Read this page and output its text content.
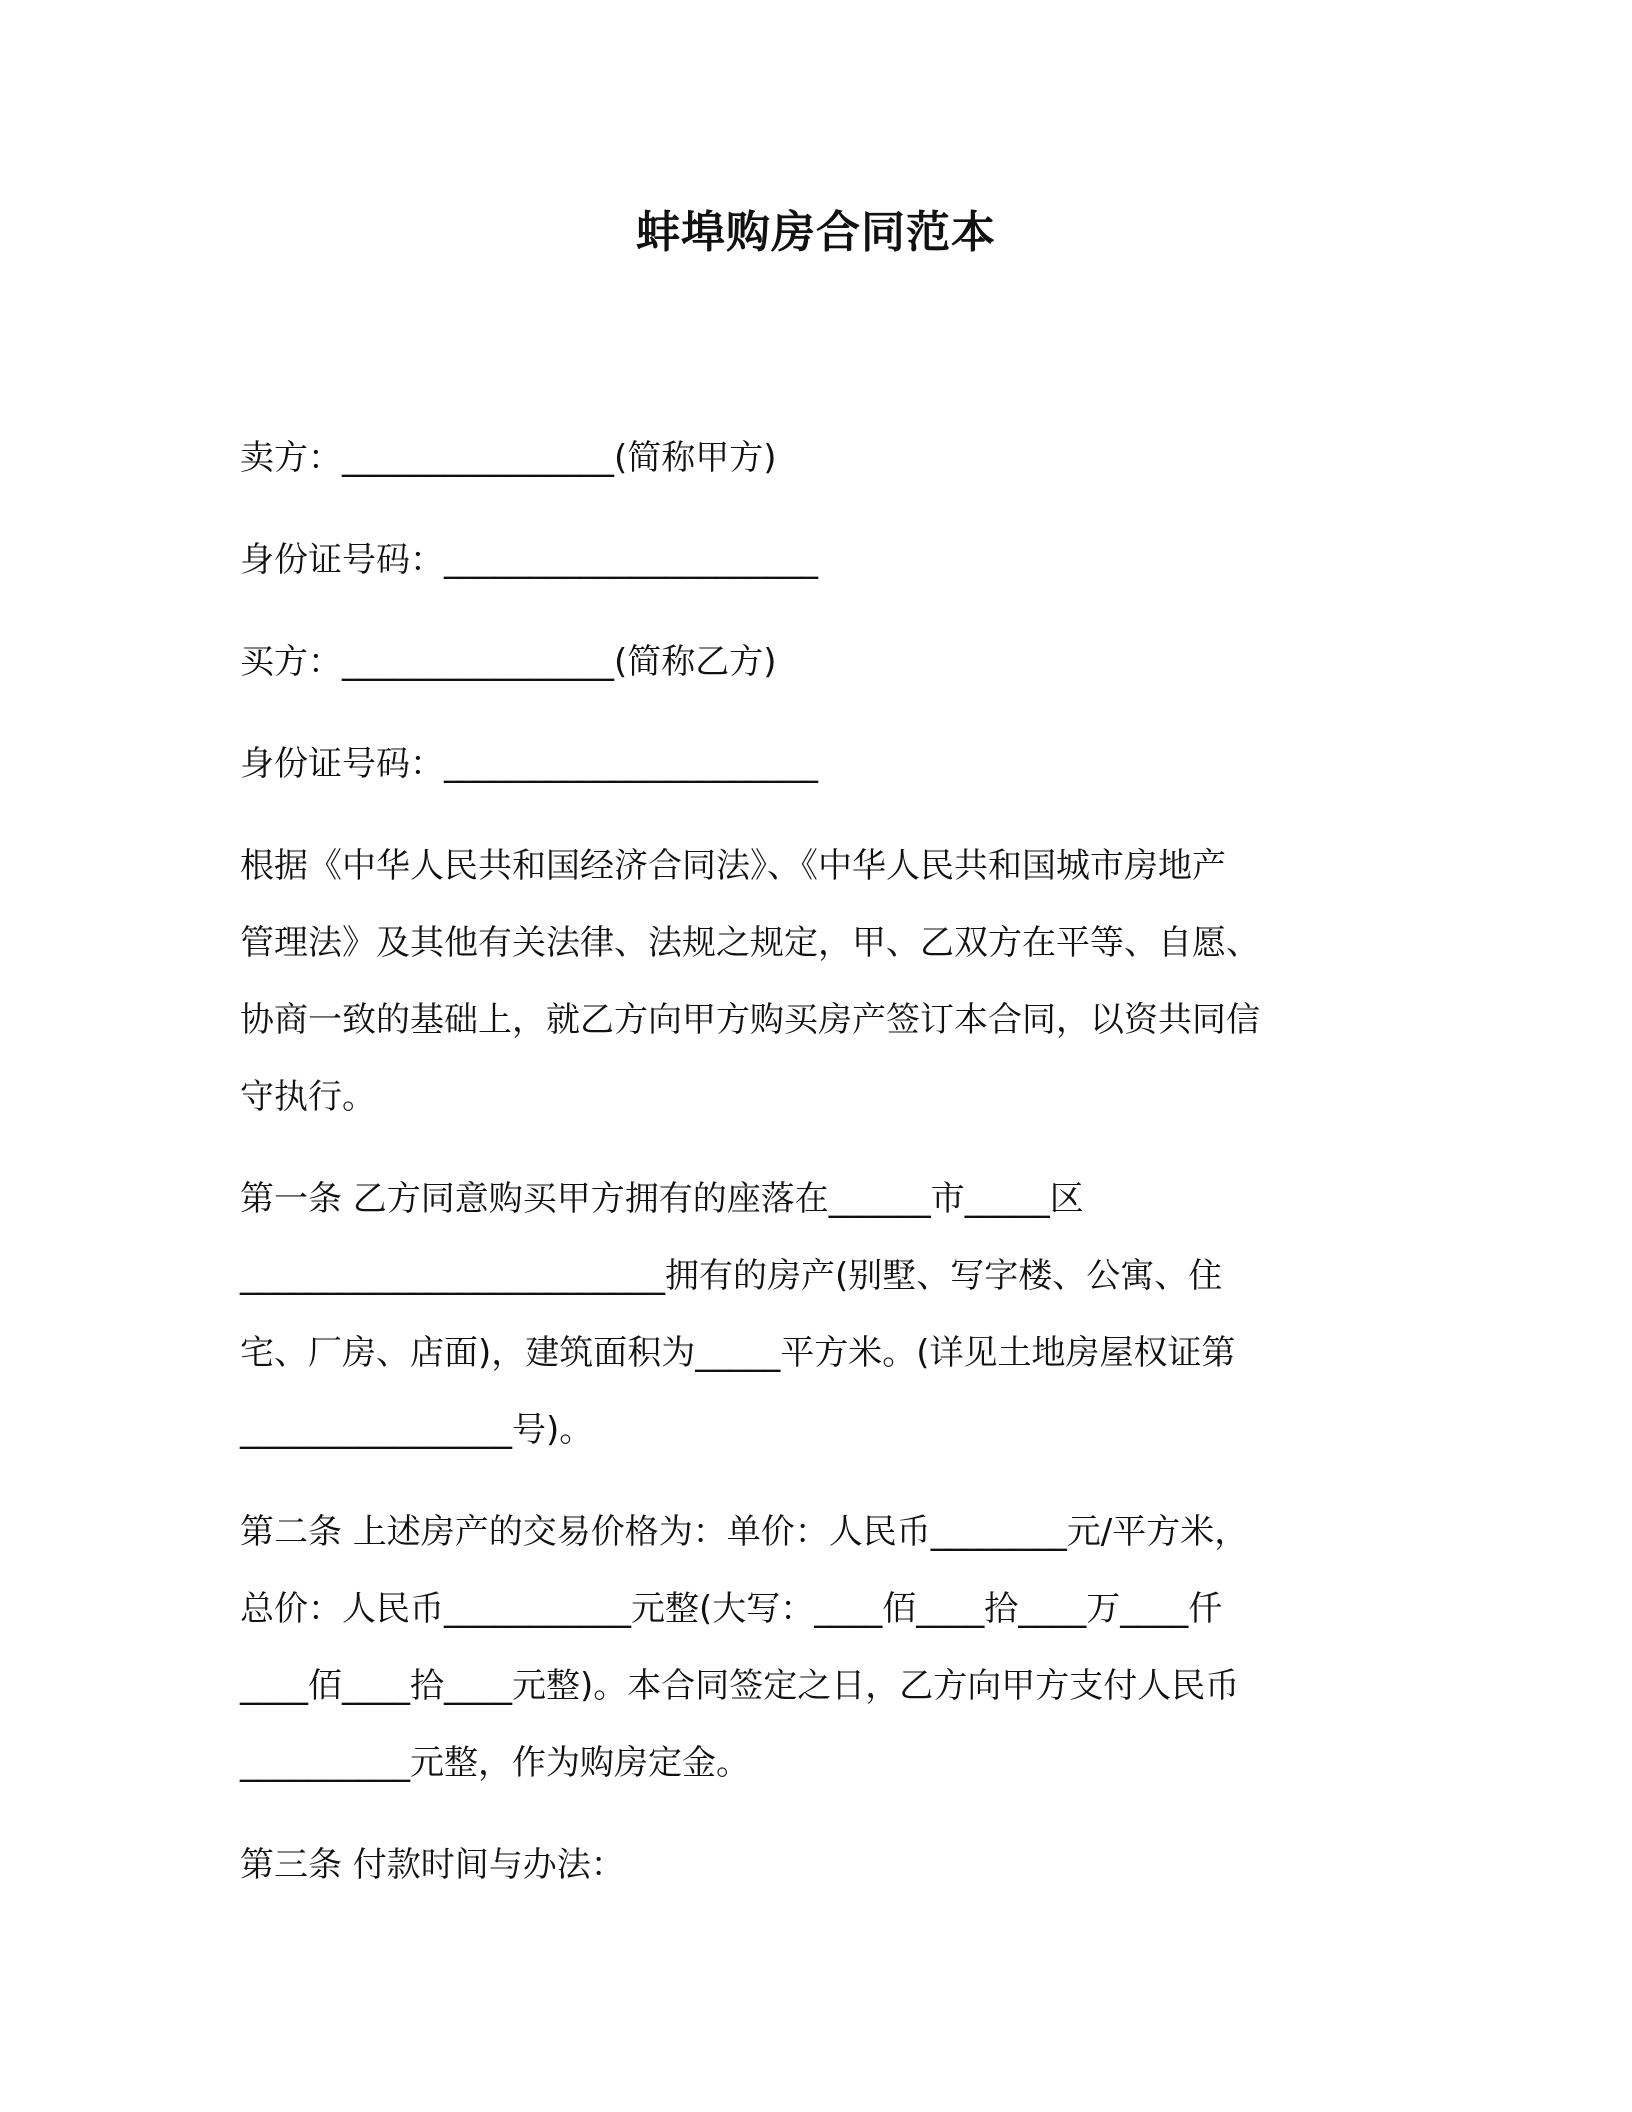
蚌埠购房合同范本
卖方：________________(简称甲方)
身份证号码：______________________
买方：________________(简称乙方)
身份证号码：______________________
根据《中华人民共和国经济合同法》、《中华人民共和国城市房地产
管理法》及其他有关法律、法规之规定，甲、乙双方在平等、自愿、
协商一致的基础上，就乙方向甲方购买房产签订本合同，以资共同信
守执行。
第一条 乙方同意购买甲方拥有的座落在______市_____区
_________________________拥有的房产(别墅、写字楼、公寓、住
宅、厂房、店面)，建筑面积为_____平方米。(详见土地房屋权证第
________________号)。
第二条 上述房产的交易价格为：单价：人民币________元/平方米，
总价：人民币___________元整(大写：____佰____拾____万____仟
____佰____拾____元整)。本合同签定之日，乙方向甲方支付人民币
__________元整，作为购房定金。
第三条 付款时间与办法：
